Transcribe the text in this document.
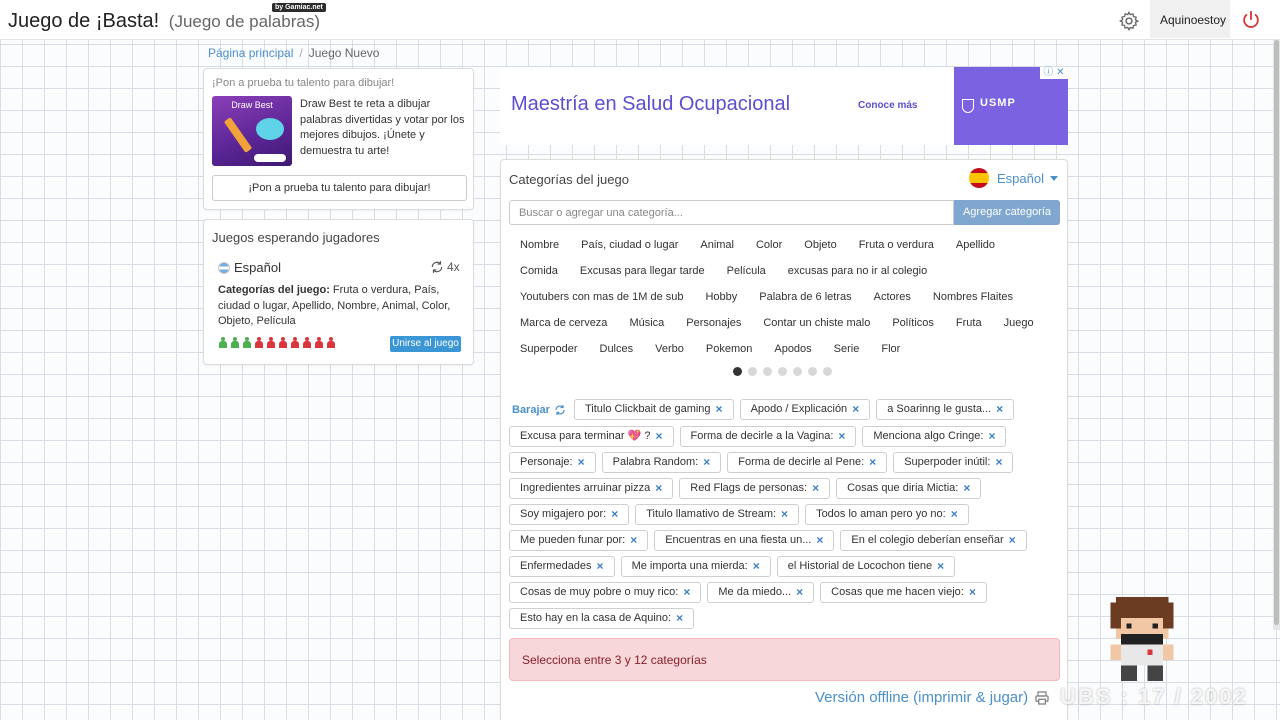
Juego de ¡Basta! (Juego de palabras)
by Gamiac.net
Aquinoestoy
Página principal / Juego Nuevo
¡Pon a prueba tu talento para dibujar!
Draw Best	Draw Best te reta a dibujar palabras divertidas y votar por los mejores dibujos. ¡Únete y demuestra tu arte!
¡Pon a prueba tu talento para dibujar!
Juegos esperando jugadores
Español	4x
Categorías del juego: Fruta o verdura, País, ciudad o lugar, Apellido, Nombre, Animal, Color, Objeto, Película
Unirse al juego
Maestría en Salud Ocupacional	Conoce más	USMP
ⓘ ✕
Categorías del juego	Español
Buscar o agregar una categoría...
Agregar categoría
Nombre	País, ciudad o lugar	Animal	Color	Objeto	Fruta o verdura	Apellido
Comida	Excusas para llegar tarde	Película	excusas para no ir al colegio
Youtubers con mas de 1M de sub	Hobby	Palabra de 6 letras	Actores	Nombres Flaites
Marca de cerveza	Música	Personajes	Contar un chiste malo	Políticos	Fruta	Juego
Superpoder	Dulces	Verbo	Pokemon	Apodos	Serie	Flor
Barajar	Titulo Clickbait de gaming ×	Apodo / Explicación ×	a Soarinng le gusta... ×
Excusa para terminar 💖 ? ×	Forma de decirle a la Vagina: ×	Menciona algo Cringe: ×
Personaje: ×	Palabra Random: ×	Forma de decirle al Pene: ×	Superpoder inútil: ×
Ingredientes arruinar pizza ×	Red Flags de personas: ×	Cosas que diria Mictia: ×
Soy migajero por: ×	Titulo llamativo de Stream: ×	Todos lo aman pero yo no: ×
Me pueden funar por: ×	Encuentras en una fiesta un... ×	En el colegio deberían enseñar ×
Enfermedades ×	Me importa una mierda: ×	el Historial de Locochon tiene ×
Cosas de muy pobre o muy rico: ×	Me da miedo... ×	Cosas que me hacen viejo: ×
Esto hay en la casa de Aquino: ×
Selecciona entre 3 y 12 categorías
Versión offline (imprimir & jugar) UBS : 17 / 2002
